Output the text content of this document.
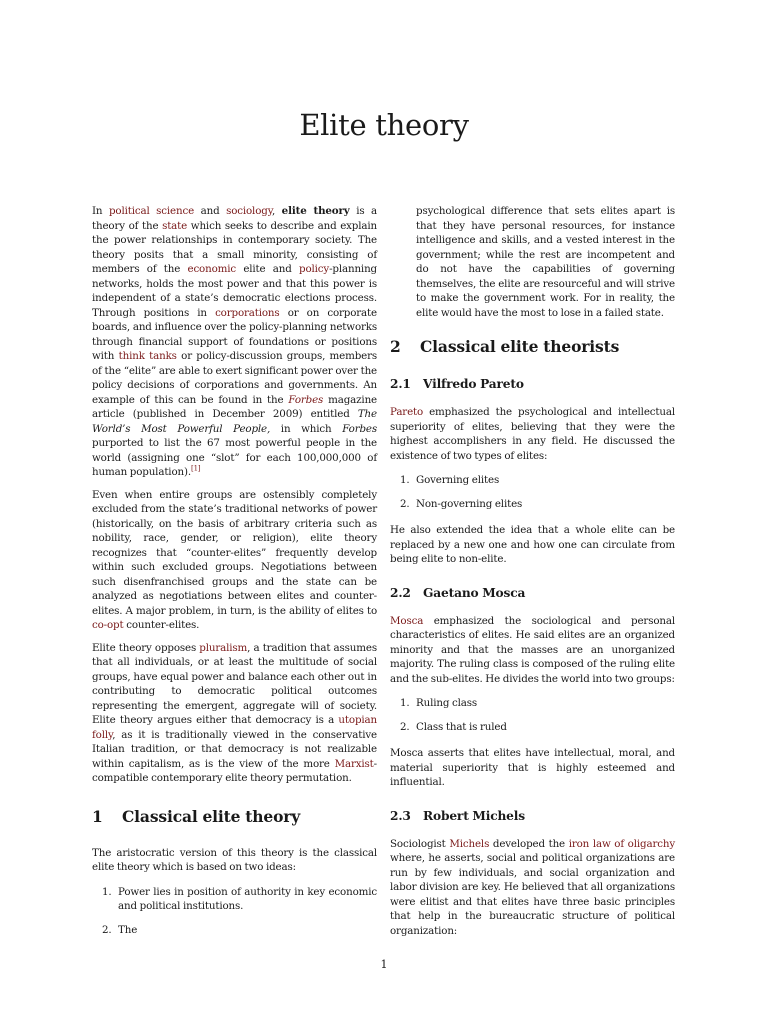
Elite theory

In political science and sociology, elite theory is a theory of the state which seeks to describe and explain the power relationships in contemporary society. The theory posits that a small minority, consisting of members of the economic elite and policy-planning networks, holds the most power and that this power is independent of a state’s democratic elections process. Through positions in corporations or on corporate boards, and influence over the policy-planning networks through financial support of foundations or positions with think tanks or policy-discussion groups, members of the “elite” are able to exert significant power over the policy decisions of corporations and governments. An example of this can be found in the Forbes magazine article (published in December 2009) entitled The World’s Most Powerful People, in which Forbes purported to list the 67 most powerful people in the world (assigning one “slot” for each 100,000,000 of human population).[1]

Even when entire groups are ostensibly completely excluded from the state’s traditional networks of power (historically, on the basis of arbitrary criteria such as nobility, race, gender, or religion), elite theory recognizes that “counter-elites” frequently develop within such excluded groups. Negotiations between such disenfranchised groups and the state can be analyzed as negotiations between elites and counter-elites. A major problem, in turn, is the ability of elites to co-opt counter-elites.

Elite theory opposes pluralism, a tradition that assumes that all individuals, or at least the multitude of social groups, have equal power and balance each other out in contributing to democratic political outcomes representing the emergent, aggregate will of society. Elite theory argues either that democracy is a utopian folly, as it is traditionally viewed in the conservative Italian tradition, or that democracy is not realizable within capitalism, as is the view of the more Marxist-compatible contemporary elite theory permutation.

1 Classical elite theory

The aristocratic version of this theory is the classical elite theory which is based on two ideas:

1. Power lies in position of authority in key economic and political institutions.
2. The

psychological difference that sets elites apart is that they have personal resources, for instance intelligence and skills, and a vested interest in the government; while the rest are incompetent and do not have the capabilities of governing themselves, the elite are resourceful and will strive to make the government work. For in reality, the elite would have the most to lose in a failed state.

2 Classical elite theorists
2.1 Vilfredo Pareto

Pareto emphasized the psychological and intellectual superiority of elites, believing that they were the highest accomplishers in any field. He discussed the existence of two types of elites:

1. Governing elites
2. Non-governing elites

He also extended the idea that a whole elite can be replaced by a new one and how one can circulate from being elite to non-elite.

2.2 Gaetano Mosca

Mosca emphasized the sociological and personal characteristics of elites. He said elites are an organized minority and that the masses are an unorganized majority. The ruling class is composed of the ruling elite and the sub-elites. He divides the world into two groups:

1. Ruling class
2. Class that is ruled

Mosca asserts that elites have intellectual, moral, and material superiority that is highly esteemed and influential.

2.3 Robert Michels

Sociologist Michels developed the iron law of oligarchy where, he asserts, social and political organizations are run by few individuals, and social organization and labor division are key. He believed that all organizations were elitist and that elites have three basic principles that help in the bureaucratic structure of political organization:

1
